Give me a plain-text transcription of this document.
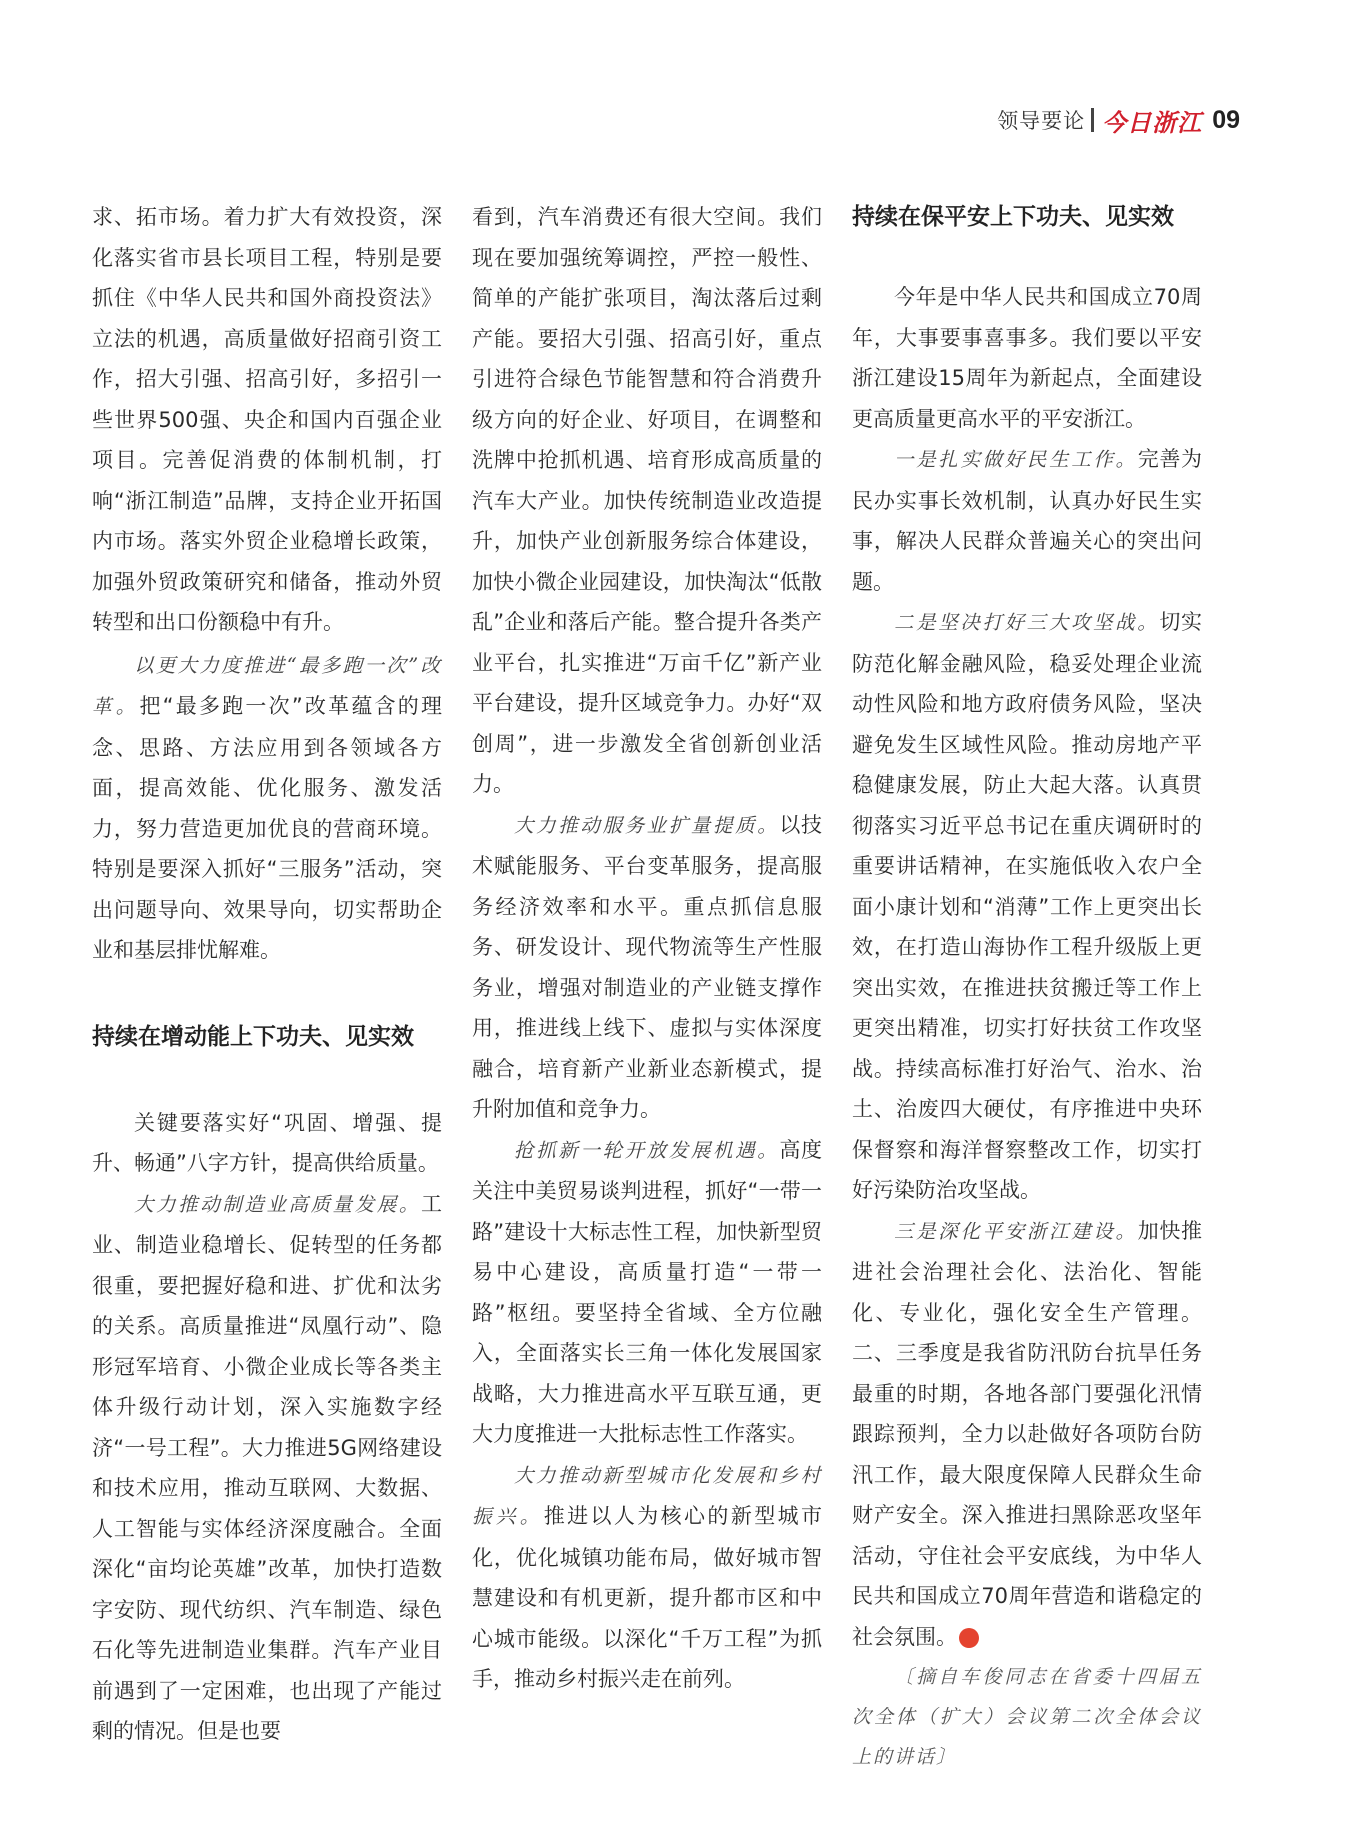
领导要论 今日浙江 09

求、拓市场。着力扩大有效投资，深化落实省市县长项目工程，特别是要抓住《中华人民共和国外商投资法》立法的机遇，高质量做好招商引资工作，招大引强、招高引好，多招引一些世界500强、央企和国内百强企业项目。完善促消费的体制机制，打响“浙江制造”品牌，支持企业开拓国内市场。落实外贸企业稳增长政策，加强外贸政策研究和储备，推动外贸转型和出口份额稳中有升。

以更大力度推进“最多跑一次”改革。把“最多跑一次”改革蕴含的理念、思路、方法应用到各领域各方面，提高效能、优化服务、激发活力，努力营造更加优良的营商环境。特别是要深入抓好“三服务”活动，突出问题导向、效果导向，切实帮助企业和基层排忧解难。

持续在增动能上下功夫、见实效

关键要落实好“巩固、增强、提升、畅通”八字方针，提高供给质量。

大力推动制造业高质量发展。工业、制造业稳增长、促转型的任务都很重，要把握好稳和进、扩优和汰劣的关系。高质量推进“凤凰行动”、隐形冠军培育、小微企业成长等各类主体升级行动计划，深入实施数字经济“一号工程”。大力推进5G网络建设和技术应用，推动互联网、大数据、人工智能与实体经济深度融合。全面深化“亩均论英雄”改革，加快打造数字安防、现代纺织、汽车制造、绿色石化等先进制造业集群。汽车产业目前遇到了一定困难，也出现了产能过剩的情况。但是也要

看到，汽车消费还有很大空间。我们现在要加强统筹调控，严控一般性、简单的产能扩张项目，淘汰落后过剩产能。要招大引强、招高引好，重点引进符合绿色节能智慧和符合消费升级方向的好企业、好项目，在调整和洗牌中抢抓机遇、培育形成高质量的汽车大产业。加快传统制造业改造提升，加快产业创新服务综合体建设，加快小微企业园建设，加快淘汰“低散乱”企业和落后产能。整合提升各类产业平台，扎实推进“万亩千亿”新产业平台建设，提升区域竞争力。办好“双创周”，进一步激发全省创新创业活力。

大力推动服务业扩量提质。以技术赋能服务、平台变革服务，提高服务经济效率和水平。重点抓信息服务、研发设计、现代物流等生产性服务业，增强对制造业的产业链支撑作用，推进线上线下、虚拟与实体深度融合，培育新产业新业态新模式，提升附加值和竞争力。

抢抓新一轮开放发展机遇。高度关注中美贸易谈判进程，抓好“一带一路”建设十大标志性工程，加快新型贸易中心建设，高质量打造“一带一路”枢纽。要坚持全省域、全方位融入，全面落实长三角一体化发展国家战略，大力推进高水平互联互通，更大力度推进一大批标志性工作落实。

大力推动新型城市化发展和乡村振兴。推进以人为核心的新型城市化，优化城镇功能布局，做好城市智慧建设和有机更新，提升都市区和中心城市能级。以深化“千万工程”为抓手，推动乡村振兴走在前列。

持续在保平安上下功夫、见实效

今年是中华人民共和国成立70周年，大事要事喜事多。我们要以平安浙江建设15周年为新起点，全面建设更高质量更高水平的平安浙江。

一是扎实做好民生工作。完善为民办实事长效机制，认真办好民生实事，解决人民群众普遍关心的突出问题。

二是坚决打好三大攻坚战。切实防范化解金融风险，稳妥处理企业流动性风险和地方政府债务风险，坚决避免发生区域性风险。推动房地产平稳健康发展，防止大起大落。认真贯彻落实习近平总书记在重庆调研时的重要讲话精神，在实施低收入农户全面小康计划和“消薄”工作上更突出长效，在打造山海协作工程升级版上更突出实效，在推进扶贫搬迁等工作上更突出精准，切实打好扶贫工作攻坚战。持续高标准打好治气、治水、治土、治废四大硬仗，有序推进中央环保督察和海洋督察整改工作，切实打好污染防治攻坚战。

三是深化平安浙江建设。加快推进社会治理社会化、法治化、智能化、专业化，强化安全生产管理。二、三季度是我省防汛防台抗旱任务最重的时期，各地各部门要强化汛情跟踪预判，全力以赴做好各项防台防汛工作，最大限度保障人民群众生命财产安全。深入推进扫黑除恶攻坚年活动，守住社会平安底线，为中华人民共和国成立70周年营造和谐稳定的社会氛围。	今

〔摘自车俊同志在省委十四届五次全体（扩大）会议第二次全体会议上的讲话〕
